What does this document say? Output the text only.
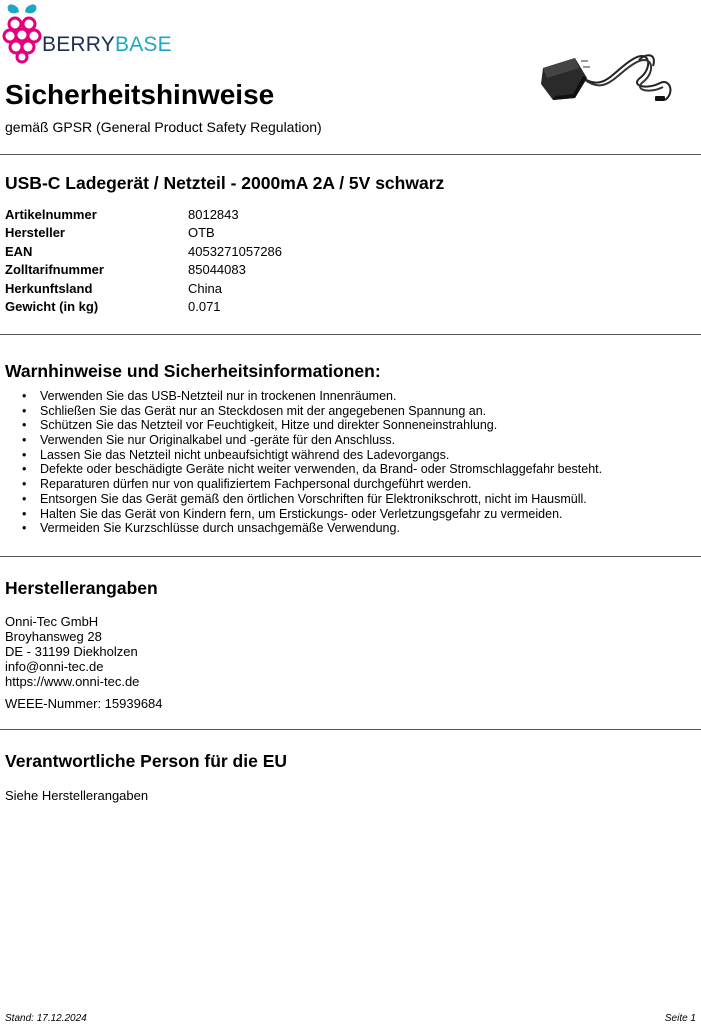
BERRYBASE
Sicherheitshinweise
gemäß GPSR (General Product Safety Regulation)
USB-C Ladegerät / Netzteil - 2000mA 2A / 5V schwarz
Artikelnummer	8012843
Hersteller	OTB
EAN	4053271057286
Zolltarifnummer	85044083
Herkunftsland	China
Gewicht (in kg)	0.071
Warnhinweise und Sicherheitsinformationen:
• Verwenden Sie das USB-Netzteil nur in trockenen Innenräumen.
• Schließen Sie das Gerät nur an Steckdosen mit der angegebenen Spannung an.
• Schützen Sie das Netzteil vor Feuchtigkeit, Hitze und direkter Sonneneinstrahlung.
• Verwenden Sie nur Originalkabel und -geräte für den Anschluss.
• Lassen Sie das Netzteil nicht unbeaufsichtigt während des Ladevorgangs.
• Defekte oder beschädigte Geräte nicht weiter verwenden, da Brand- oder Stromschlaggefahr besteht.
• Reparaturen dürfen nur von qualifiziertem Fachpersonal durchgeführt werden.
• Entsorgen Sie das Gerät gemäß den örtlichen Vorschriften für Elektronikschrott, nicht im Hausmüll.
• Halten Sie das Gerät von Kindern fern, um Erstickungs- oder Verletzungsgefahr zu vermeiden.
• Vermeiden Sie Kurzschlüsse durch unsachgemäße Verwendung.
Herstellerangaben
Onni-Tec GmbH
Broyhansweg 28
DE - 31199 Diekholzen
info@onni-tec.de
https://www.onni-tec.de
WEEE-Nummer: 15939684
Verantwortliche Person für die EU
Siehe Herstellerangaben
Stand: 17.12.2024	Seite 1
